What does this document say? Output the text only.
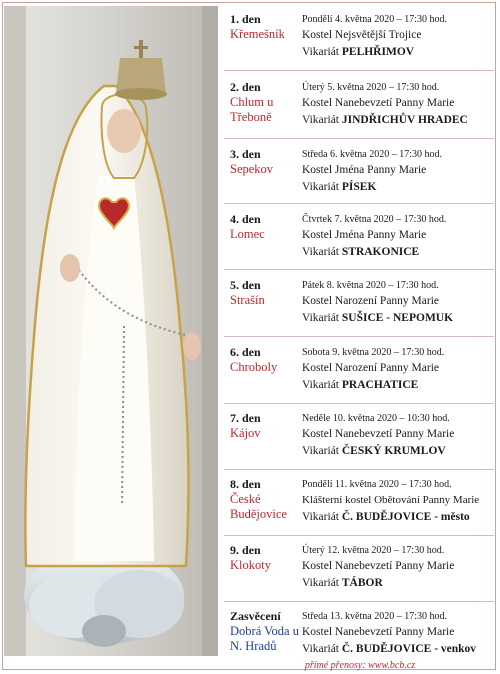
1. den
Křemešník
Pondělí 4. května 2020 – 17:30 hod.
Kostel Nejsvětější Trojice
Vikariát PELHŘIMOV
2. den
Chlum u Třeboně
Úterý 5. května 2020 – 17:30 hod.
Kostel Nanebevzetí Panny Marie
Vikariát JINDŘICHŮV HRADEC
3. den
Sepekov
Středa 6. května 2020 – 17:30 hod.
Kostel Jména Panny Marie
Vikariát PÍSEK
4. den
Lomec
Čtvrtek 7. května 2020 – 17:30 hod.
Kostel Jména Panny Marie
Vikariát STRAKONICE
5. den
Strašín
Pátek 8. května 2020 – 17:30 hod.
Kostel Narození Panny Marie
Vikariát SUŠICE - NEPOMUK
6. den
Chroboly
Sobota 9. května 2020 – 17:30 hod.
Kostel Narození Panny Marie
Vikariát PRACHATICE
7. den
Kájov
Neděle 10. května 2020 – 10:30 hod.
Kostel Nanebevzetí Panny Marie
Vikariát ČESKÝ KRUMLOV
8. den
České Budějovice
Pondělí 11. května 2020 – 17:30 hod.
Klášterní kostel Obětování Panny Marie
Vikariát Č. BUDĚJOVICE - město
9. den
Klokoty
Úterý 12. května 2020 – 17:30 hod.
Kostel Nanebevzetí Panny Marie
Vikariát TÁBOR
Zasvěcení
Dobrá Voda u N. Hradů
Středa 13. května 2020 – 17:30 hod.
Kostel Nanebevzetí Panny Marie
Vikariát Č. BUDĚJOVICE - venkov
přímé přenosy: www.bcb.cz
